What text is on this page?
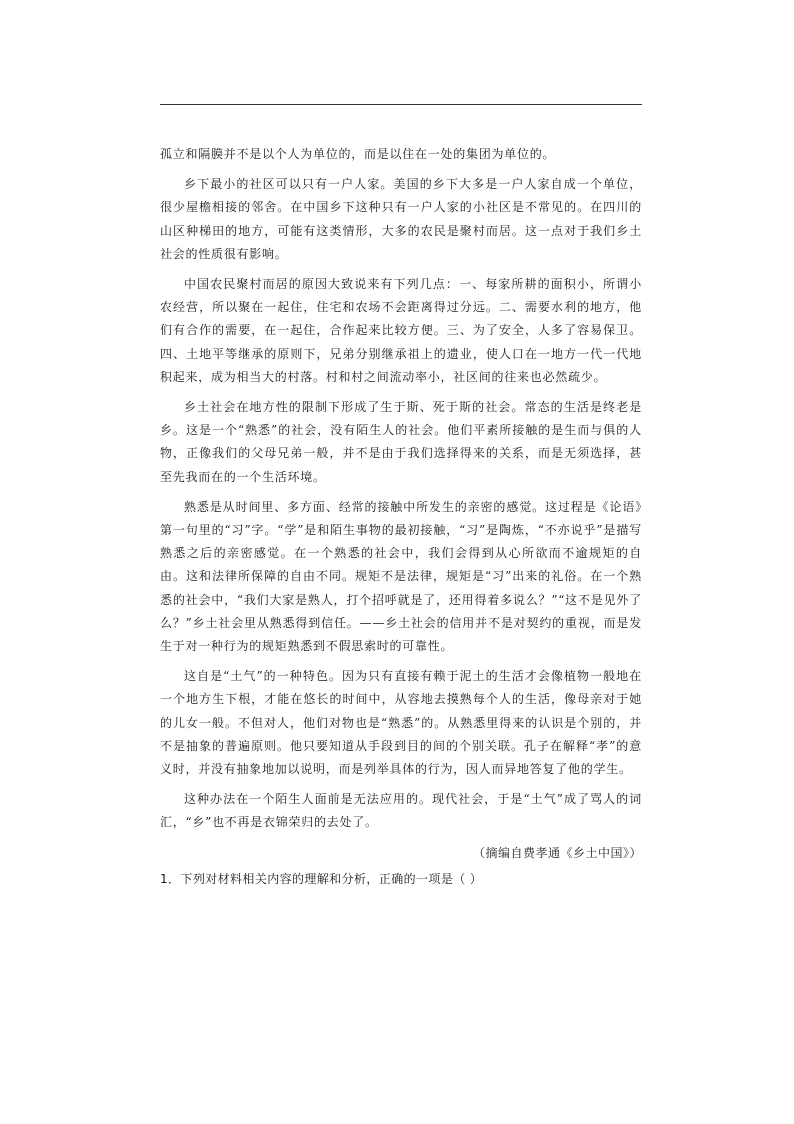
孤立和隔膜并不是以个人为单位的，而是以住在一处的集团为单位的。

乡下最小的社区可以只有一户人家。美国的乡下大多是一户人家自成一个单位，很少屋檐相接的邻舍。在中国乡下这种只有一户人家的小社区是不常见的。在四川的山区种梯田的地方，可能有这类情形，大多的农民是聚村而居。这一点对于我们乡土社会的性质很有影响。

中国农民聚村而居的原因大致说来有下列几点：一、每家所耕的面积小，所谓小农经营，所以聚在一起住，住宅和农场不会距离得过分远。二、需要水利的地方，他们有合作的需要，在一起住，合作起来比较方便。三、为了安全，人多了容易保卫。四、土地平等继承的原则下，兄弟分别继承祖上的遗业，使人口在一地方一代一代地积起来，成为相当大的村落。村和村之间流动率小，社区间的往来也必然疏少。

乡土社会在地方性的限制下形成了生于斯、死于斯的社会。常态的生活是终老是乡。这是一个“熟悉”的社会，没有陌生人的社会。他们平素所接触的是生而与俱的人物，正像我们的父母兄弟一般，并不是由于我们选择得来的关系，而是无须选择，甚至先我而在的一个生活环境。

熟悉是从时间里、多方面、经常的接触中所发生的亲密的感觉。这过程是《论语》第一句里的“习”字。“学”是和陌生事物的最初接触，“习”是陶炼，“不亦说乎”是描写熟悉之后的亲密感觉。在一个熟悉的社会中，我们会得到从心所欲而不逾规矩的自由。这和法律所保障的自由不同。规矩不是法律，规矩是“习”出来的礼俗。在一个熟悉的社会中，“我们大家是熟人，打个招呼就是了，还用得着多说么？”“这不是见外了么？”乡土社会里从熟悉得到信任。——乡土社会的信用并不是对契约的重视，而是发生于对一种行为的规矩熟悉到不假思索时的可靠性。

这自是“土气”的一种特色。因为只有直接有赖于泥土的生活才会像植物一般地在一个地方生下根，才能在悠长的时间中，从容地去摸熟每个人的生活，像母亲对于她的儿女一般。不但对人，他们对物也是“熟悉”的。从熟悉里得来的认识是个别的，并不是抽象的普遍原则。他只要知道从手段到目的间的个别关联。孔子在解释“孝”的意义时，并没有抽象地加以说明，而是列举具体的行为，因人而异地答复了他的学生。

这种办法在一个陌生人面前是无法应用的。现代社会，于是“土气”成了骂人的词汇，“乡”也不再是衣锦荣归的去处了。

（摘编自费孝通《乡土中国》）

1．下列对材料相关内容的理解和分析，正确的一项是（ ）
